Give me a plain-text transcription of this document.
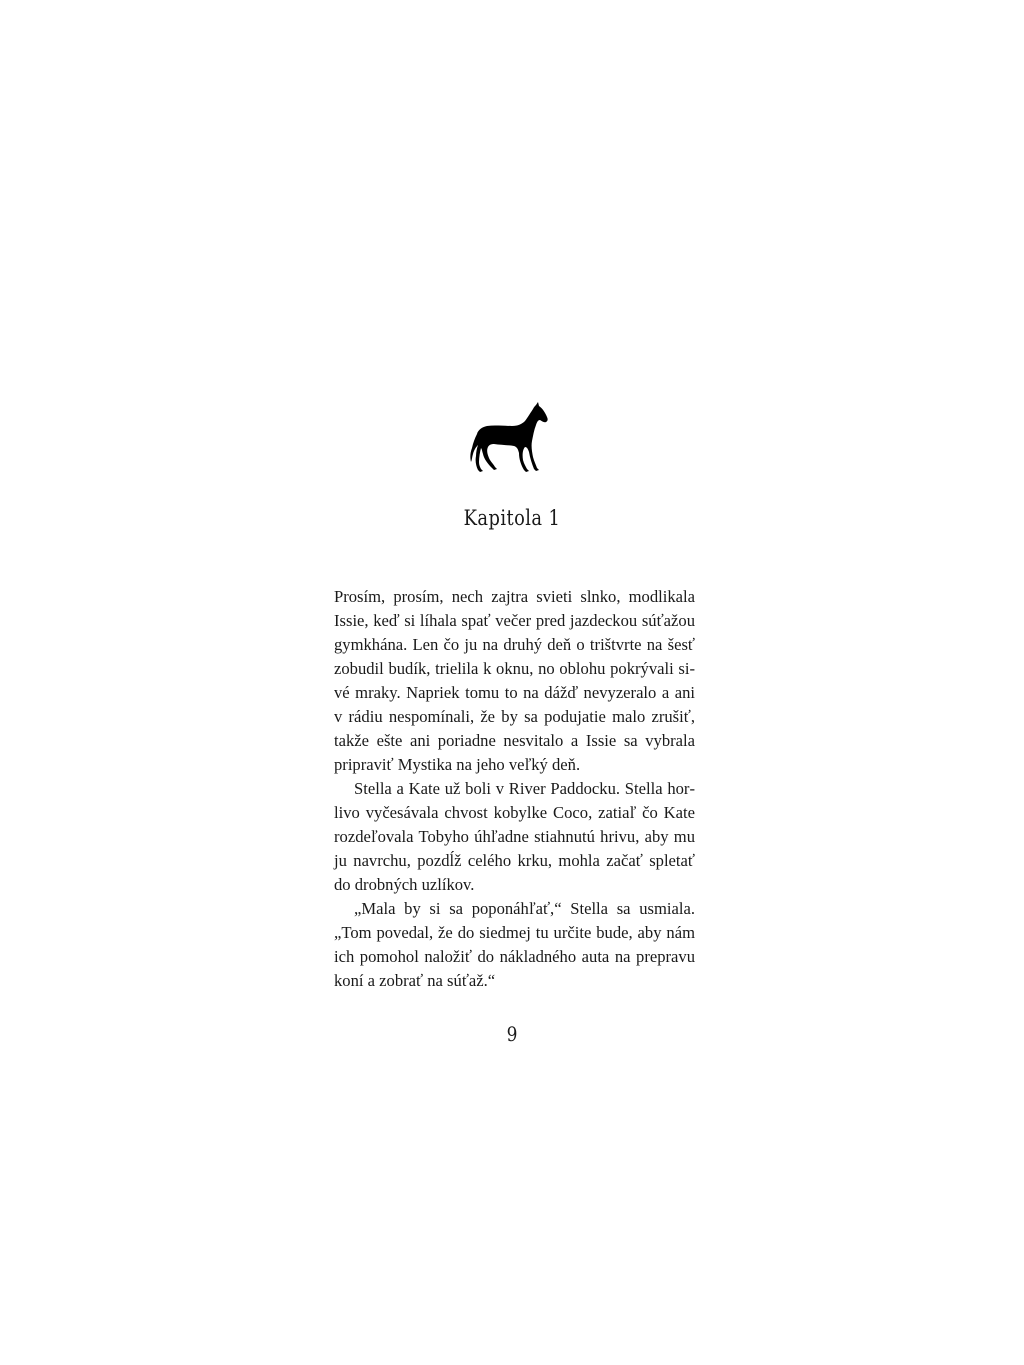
Kapitola 1

Prosím, prosím, nech zajtra svieti slnko, modlikala Issie, keď si líhala spať večer pred jazdeckou súťažou gymkhána. Len čo ju na druhý deň o trištvrte na šesť zobudil budík, trielila k oknu, no oblohu pokrývali sivé mraky. Napriek tomu to na dážď nevyzeralo a ani v rádiu nespomínali, že by sa podujatie malo zrušiť, takže ešte ani poriadne nesvitalo a Issie sa vybrala pripraviť Mystika na jeho veľký deň.

Stella a Kate už boli v River Paddocku. Stella horlivo vyčesávala chvost kobylke Coco, zatiaľ čo Kate rozdeľovala Tobyho úhľadne stiahnutú hrivu, aby mu ju navrchu, pozdĺž celého krku, mohla začať spletať do drobných uzlíkov.

„Mala by si sa poponáhľať,“ Stella sa usmiala. „Tom povedal, že do siedmej tu určite bude, aby nám ich pomohol naložiť do nákladného auta na prepravu koní a zobrať na súťaž.“

9
